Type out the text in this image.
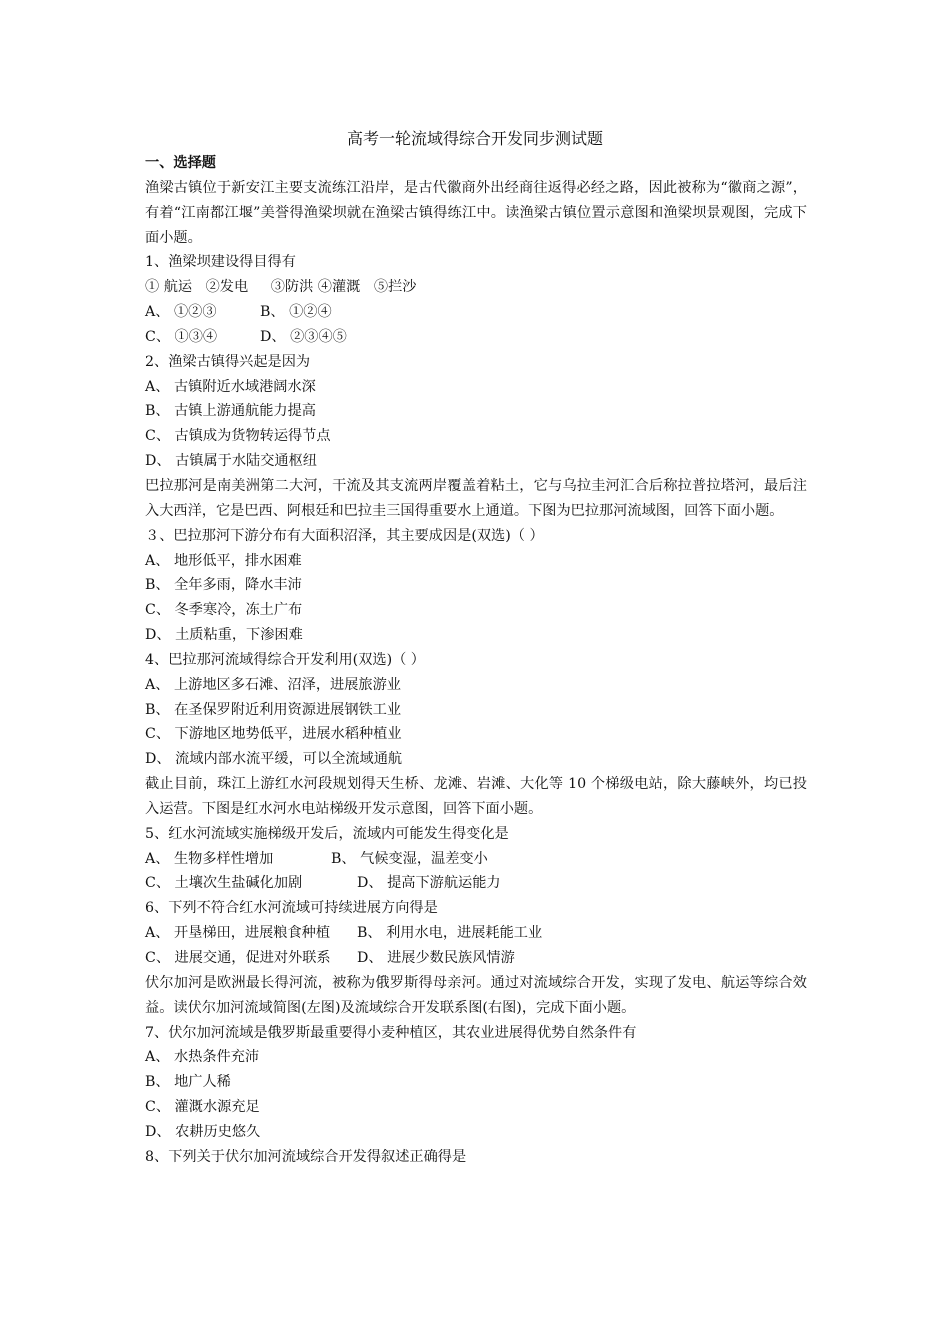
高考一轮流域得综合开发同步测试题
一、选择题
渔梁古镇位于新安江主要支流练江沿岸，是古代徽商外出经商往返得必经之路，因此被称为“徽商之源”，有着“江南都江堰”美誉得渔梁坝就在渔梁古镇得练江中。读渔梁古镇位置示意图和渔梁坝景观图，完成下面小题。
1、渔梁坝建设得目得有
① 航运   ②发电     ③防洪 ④灌溉   ⑤拦沙
A、 ①②③	B、 ①②④
C、 ①③④	D、 ②③④⑤
2、渔梁古镇得兴起是因为
A、 古镇附近水域港阔水深
B、 古镇上游通航能力提高
C、 古镇成为货物转运得节点
D、 古镇属于水陆交通枢纽
巴拉那河是南美洲第二大河，干流及其支流两岸覆盖着粘土，它与乌拉圭河汇合后称拉普拉塔河，最后注入大西洋，它是巴西、阿根廷和巴拉圭三国得重要水上通道。下图为巴拉那河流域图，回答下面小题。
３、巴拉那河下游分布有大面积沼泽，其主要成因是(双选)（ ）
A、 地形低平，排水困难
B、 全年多雨，降水丰沛
C、 冬季寒冷，冻土广布
D、 土质粘重，下渗困难
4、巴拉那河流域得综合开发利用(双选)（ ）
A、 上游地区多石滩、沼泽，进展旅游业
B、 在圣保罗附近利用资源进展钢铁工业
C、 下游地区地势低平，进展水稻种植业
D、 流域内部水流平缓，可以全流域通航
截止目前，珠江上游红水河段规划得天生桥、龙滩、岩滩、大化等 10 个梯级电站，除大藤峡外，均已投入运营。下图是红水河水电站梯级开发示意图，回答下面小题。
5、红水河流域实施梯级开发后，流域内可能发生得变化是
A、 生物多样性增加	B、 气候变湿，温差变小
C、 土壤次生盐碱化加剧	D、 提高下游航运能力
6、下列不符合红水河流域可持续进展方向得是
A、 开垦梯田，进展粮食种植 B、 利用水电，进展耗能工业
C、 进展交通，促进对外联系 D、 进展少数民族风情游
伏尔加河是欧洲最长得河流，被称为俄罗斯得母亲河。通过对流域综合开发，实现了发电、航运等综合效益。读伏尔加河流域简图(左图)及流域综合开发联系图(右图)，完成下面小题。
7、伏尔加河流域是俄罗斯最重要得小麦种植区，其农业进展得优势自然条件有
A、 水热条件充沛
B、 地广人稀
C、 灌溉水源充足
D、 农耕历史悠久
8、下列关于伏尔加河流域综合开发得叙述正确得是
